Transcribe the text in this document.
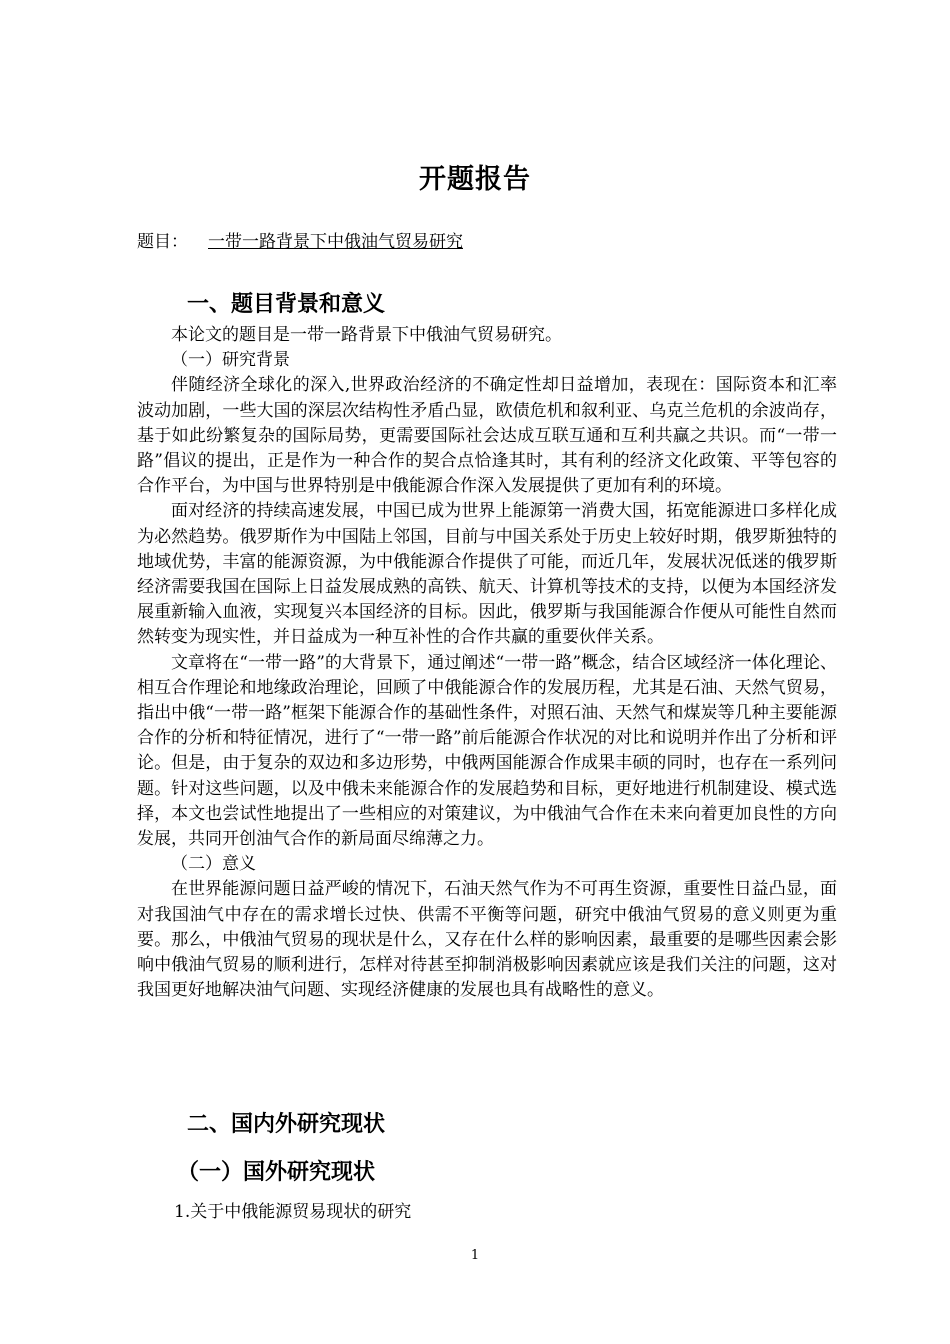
开题报告
题目： 一带一路背景下中俄油气贸易研究
一、题目背景和意义

本论文的题目是一带一路背景下中俄油气贸易研究。

（一）研究背景

伴随经济全球化的深入,世界政治经济的不确定性却日益增加，表现在：国际资本和汇率波动加剧，一些大国的深层次结构性矛盾凸显，欧债危机和叙利亚、乌克兰危机的余波尚存，基于如此纷繁复杂的国际局势，更需要国际社会达成互联互通和互利共赢之共识。而“一带一路”倡议的提出，正是作为一种合作的契合点恰逢其时，其有利的经济文化政策、平等包容的合作平台，为中国与世界特别是中俄能源合作深入发展提供了更加有利的环境。

面对经济的持续高速发展，中国已成为世界上能源第一消费大国，拓宽能源进口多样化成为必然趋势。俄罗斯作为中国陆上邻国，目前与中国关系处于历史上较好时期，俄罗斯独特的地域优势，丰富的能源资源，为中俄能源合作提供了可能，而近几年，发展状况低迷的俄罗斯经济需要我国在国际上日益发展成熟的高铁、航天、计算机等技术的支持，以便为本国经济发展重新输入血液，实现复兴本国经济的目标。因此，俄罗斯与我国能源合作便从可能性自然而然转变为现实性，并日益成为一种互补性的合作共赢的重要伙伴关系。

文章将在“一带一路”的大背景下，通过阐述“一带一路”概念，结合区域经济一体化理论、相互合作理论和地缘政治理论，回顾了中俄能源合作的发展历程，尤其是石油、天然气贸易，指出中俄“一带一路”框架下能源合作的基础性条件，对照石油、天然气和煤炭等几种主要能源合作的分析和特征情况，进行了“一带一路”前后能源合作状况的对比和说明并作出了分析和评论。但是，由于复杂的双边和多边形势，中俄两国能源合作成果丰硕的同时，也存在一系列问题。针对这些问题，以及中俄未来能源合作的发展趋势和目标，更好地进行机制建设、模式选择，本文也尝试性地提出了一些相应的对策建议，为中俄油气合作在未来向着更加良性的方向发展，共同开创油气合作的新局面尽绵薄之力。

（二）意义

在世界能源问题日益严峻的情况下，石油天然气作为不可再生资源，重要性日益凸显，面对我国油气中存在的需求增长过快、供需不平衡等问题，研究中俄油气贸易的意义则更为重要。那么，中俄油气贸易的现状是什么，又存在什么样的影响因素，最重要的是哪些因素会影响中俄油气贸易的顺利进行，怎样对待甚至抑制消极影响因素就应该是我们关注的问题，这对我国更好地解决油气问题、实现经济健康的发展也具有战略性的意义。

二、国内外研究现状
（一）国外研究现状
1.关于中俄能源贸易现状的研究
1
